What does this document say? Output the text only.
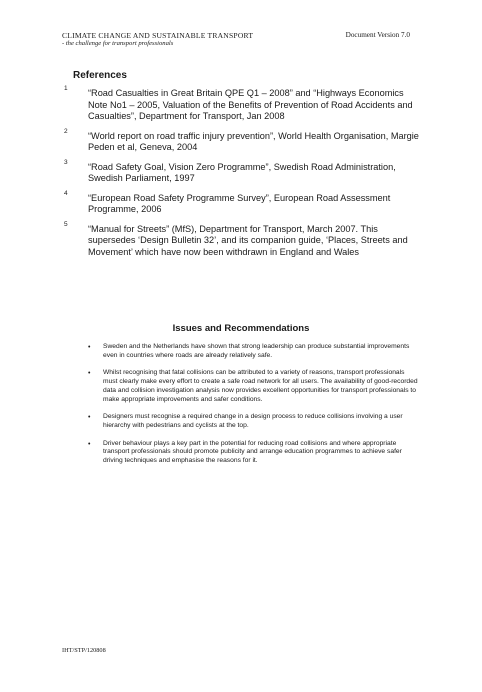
CLIMATE CHANGE AND SUSTAINABLE TRANSPORT
- the challenge for transport professionals
Document Version 7.0
References
1 “Road Casualties in Great Britain QPE Q1 – 2008” and “Highways Economics Note No1 – 2005, Valuation of the Benefits of Prevention of Road Accidents and Casualties”, Department for Transport, Jan 2008
2 “World report on road traffic injury prevention”, World Health Organisation, Margie Peden et al, Geneva, 2004
3 “Road Safety Goal, Vision Zero Programme”, Swedish Road Administration, Swedish Parliament, 1997
4 “European Road Safety Programme Survey”, European Road Assessment Programme, 2006
5 “Manual for Streets” (MfS), Department for Transport, March 2007. This supersedes ‘Design Bulletin 32’, and its companion guide, ‘Places, Streets and Movement’ which have now been withdrawn in England and Wales
Issues and Recommendations
• Sweden and the Netherlands have shown that strong leadership can produce substantial improvements even in countries where roads are already relatively safe.
• Whilst recognising that fatal collisions can be attributed to a variety of reasons, transport professionals must clearly make every effort to create a safe road network for all users. The availability of good-recorded data and collision investigation analysis now provides excellent opportunities for transport professionals to make appropriate improvements and safer conditions.
• Designers must recognise a required change in a design process to reduce collisions involving a user hierarchy with pedestrians and cyclists at the top.
• Driver behaviour plays a key part in the potential for reducing road collisions and where appropriate transport professionals should promote publicity and arrange education programmes to achieve safer driving techniques and emphasise the reasons for it.
IHT/STP/120808
